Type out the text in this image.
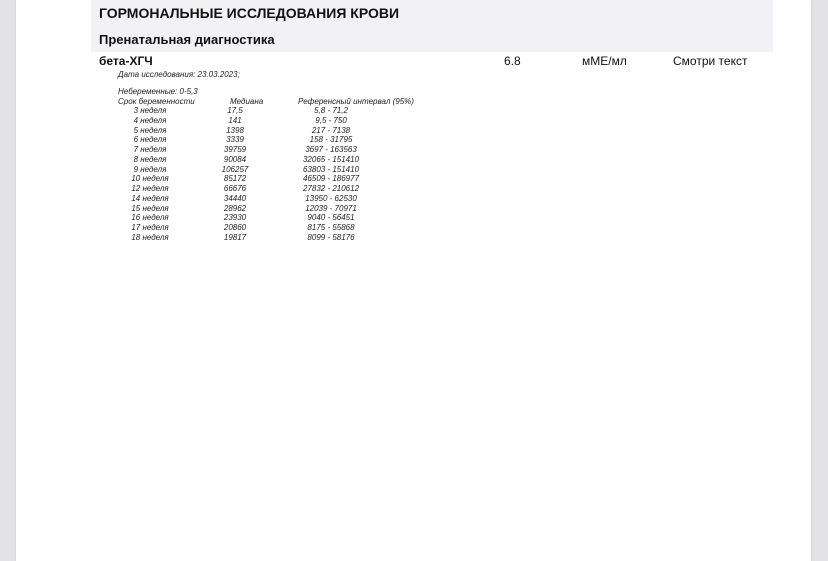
ГОРМОНАЛЬНЫЕ ИССЛЕДОВАНИЯ КРОВИ
Пренатальная диагностика
бета-ХГЧ	6.8	мМЕ/мл	Смотри текст
Дата исследования: 23.03.2023;
Небеременные: 0-5,3
Срок беременности	Медиана	Референсный интервал (95%)
3 неделя	17,5	5,8 - 71,2
4 неделя	141	9,5 - 750
5 неделя	1398	217 - 7138
6 неделя	3339	158 - 31795
7 неделя	39759	3697 - 163563
8 неделя	90084	32065 - 151410
9 неделя	106257	63803 - 151410
10 неделя	85172	46509 - 186977
12 неделя	66676	27832 - 210612
14 неделя	34440	13950 - 62530
15 неделя	28962	12039 - 70971
16 неделя	23930	9040 - 56451
17 неделя	20860	8175 - 55868
18 неделя	19817	8099 - 58176
